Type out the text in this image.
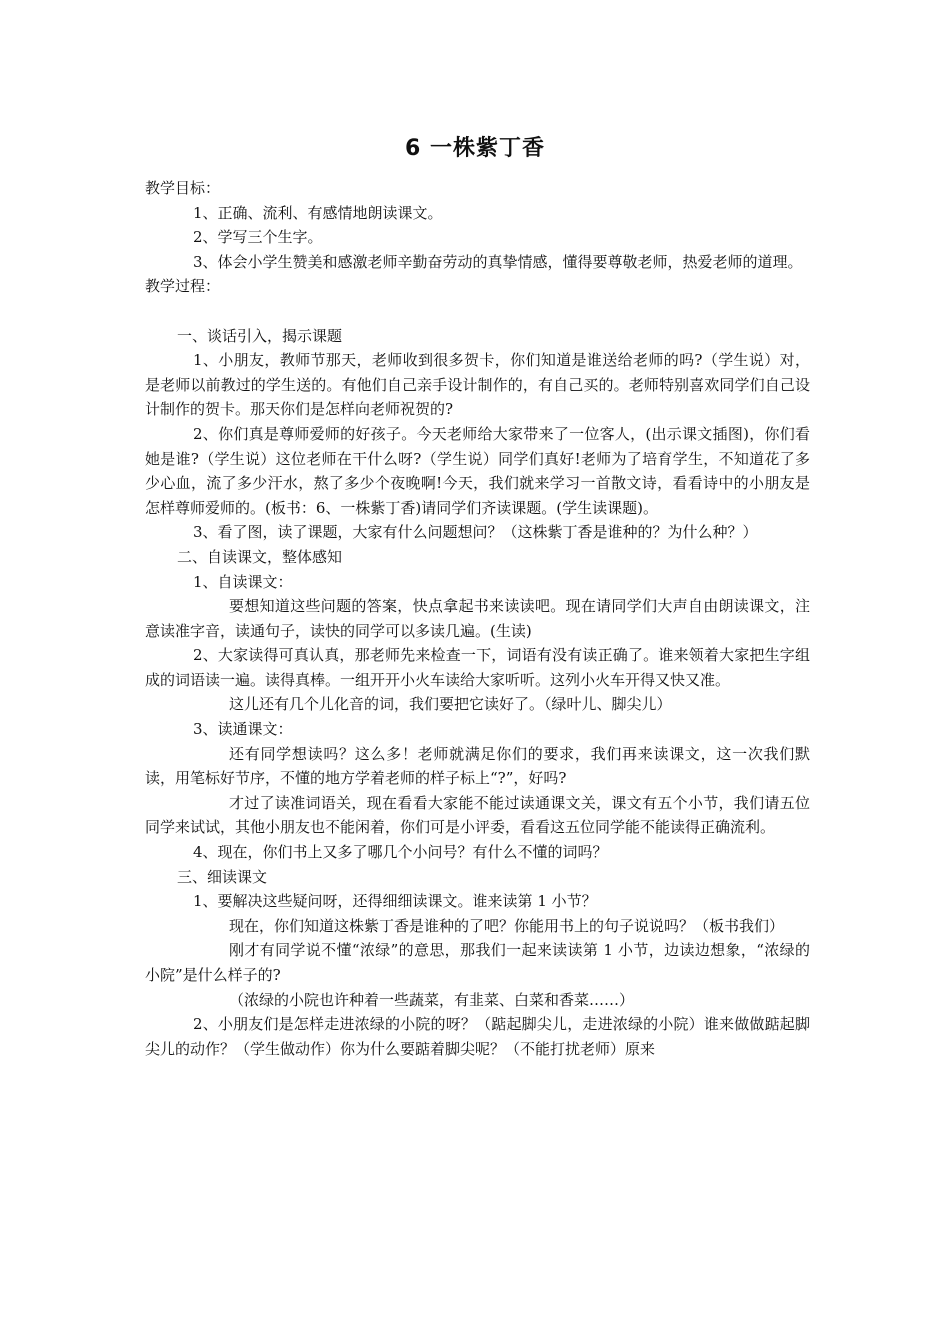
6 一株紫丁香

教学目标：

1、正确、流利、有感情地朗读课文。

2、学写三个生字。

3、体会小学生赞美和感激老师辛勤奋劳动的真挚情感，懂得要尊敬老师，热爱老师的道理。

教学过程：

一、谈话引入，揭示课题

1、小朋友，教师节那天，老师收到很多贺卡，你们知道是谁送给老师的吗?（学生说）对，是老师以前教过的学生送的。有他们自己亲手设计制作的，有自己买的。老师特别喜欢同学们自己设计制作的贺卡。那天你们是怎样向老师祝贺的?

2、你们真是尊师爱师的好孩子。今天老师给大家带来了一位客人，(出示课文插图)，你们看她是谁?（学生说）这位老师在干什么呀?（学生说）同学们真好!老师为了培育学生，不知道花了多少心血，流了多少汗水，熬了多少个夜晚啊!今天，我们就来学习一首散文诗，看看诗中的小朋友是怎样尊师爱师的。(板书：6、一株紫丁香)请同学们齐读课题。(学生读课题)。

3、看了图，读了课题，大家有什么问题想问？（这株紫丁香是谁种的？为什么种？）

二、自读课文，整体感知

1、自读课文：

要想知道这些问题的答案，快点拿起书来读读吧。现在请同学们大声自由朗读课文，注意读准字音，读通句子，读快的同学可以多读几遍。(生读)

2、大家读得可真认真，那老师先来检查一下，词语有没有读正确了。谁来领着大家把生字组成的词语读一遍。读得真棒。一组开开小火车读给大家听听。这列小火车开得又快又准。

这儿还有几个儿化音的词，我们要把它读好了。（绿叶儿、脚尖儿）

3、读通课文：

还有同学想读吗？这么多！老师就满足你们的要求，我们再来读课文，这一次我们默读，用笔标好节序，不懂的地方学着老师的样子标上“?”，好吗?

才过了读准词语关，现在看看大家能不能过读通课文关，课文有五个小节，我们请五位同学来试试，其他小朋友也不能闲着，你们可是小评委，看看这五位同学能不能读得正确流利。

4、现在，你们书上又多了哪几个小问号？有什么不懂的词吗？

三、细读课文

1、要解决这些疑问呀，还得细细读课文。谁来读第 1 小节？

现在，你们知道这株紫丁香是谁种的了吧？你能用书上的句子说说吗？（板书我们）

刚才有同学说不懂“浓绿”的意思，那我们一起来读读第 1 小节，边读边想象，“浓绿的小院”是什么样子的?

（浓绿的小院也许种着一些蔬菜，有韭菜、白菜和香菜……）

2、小朋友们是怎样走进浓绿的小院的呀？（踮起脚尖儿，走进浓绿的小院）谁来做做踮起脚尖儿的动作？（学生做动作）你为什么要踮着脚尖呢？（不能打扰老师）原来
